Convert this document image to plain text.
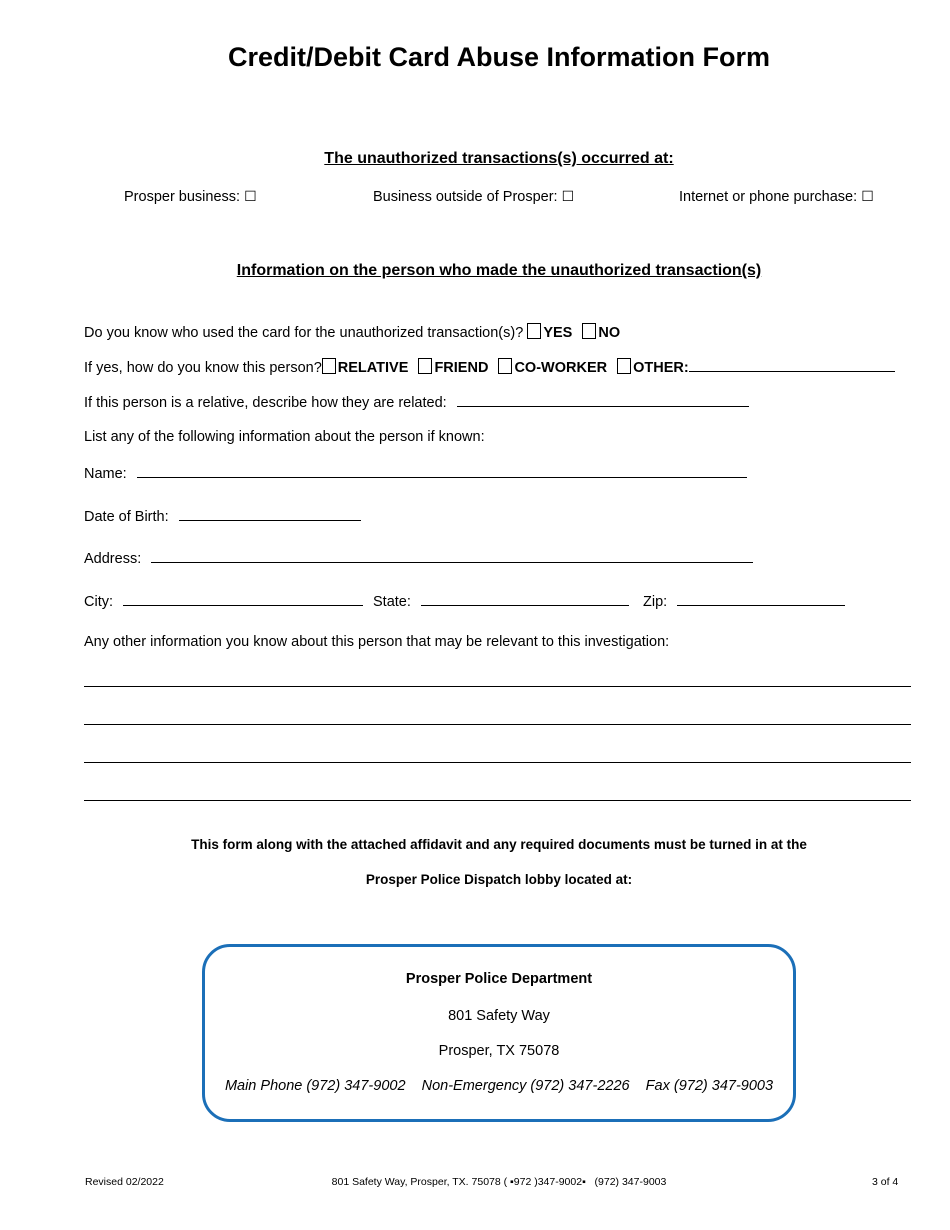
Credit/Debit Card Abuse Information Form
The unauthorized transactions(s) occurred at:
Prosper business: ☐	Business outside of Prosper: ☐	Internet or phone purchase: ☐
Information on the person who made the unauthorized transaction(s)
Do you know who used the card for the unauthorized transaction(s)? YES NO
If yes, how do you know this person? RELATIVE FRIEND CO-WORKER OTHER:
If this person is a relative, describe how they are related:
List any of the following information about the person if known:
Name:
Date of Birth:
Address:
City:	State:	Zip:
Any other information you know about this person that may be relevant to this investigation:
This form along with the attached affidavit and any required documents must be turned in at the
Prosper Police Dispatch lobby located at:
Prosper Police Department
801 Safety Way
Prosper, TX 75078
Main Phone (972) 347-9002    Non-Emergency (972) 347-2226    Fax (972) 347-9003
Revised 02/2022	801 Safety Way, Prosper, TX. 75078 ( ▪972 )347-9002▪   (972) 347-9003	3 of 4
